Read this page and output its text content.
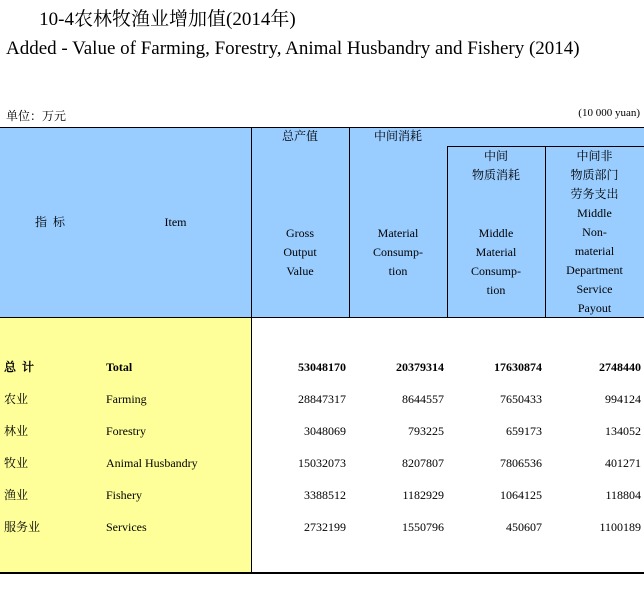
10-4农林牧渔业增加值(2014年)
Added - Value of Farming, Forestry, Animal Husbandry and Fishery (2014)
单位：万元	(10 000 yuan)
指  标	Item
总产值
Gross
Output
Value
中间消耗
Material
Consump-
tion
中间
物质消耗
Middle
Material
Consump-
tion
中间非
物质部门
劳务支出
Middle
Non-
material
Department
Service
Payout
总  计	Total	53048170	20379314	17630874	2748440
农业	Farming	28847317	8644557	7650433	994124
林业	Forestry	3048069	793225	659173	134052
牧业	Animal Husbandry	15032073	8207807	7806536	401271
渔业	Fishery	3388512	1182929	1064125	118804
服务业	Services	2732199	1550796	450607	1100189
